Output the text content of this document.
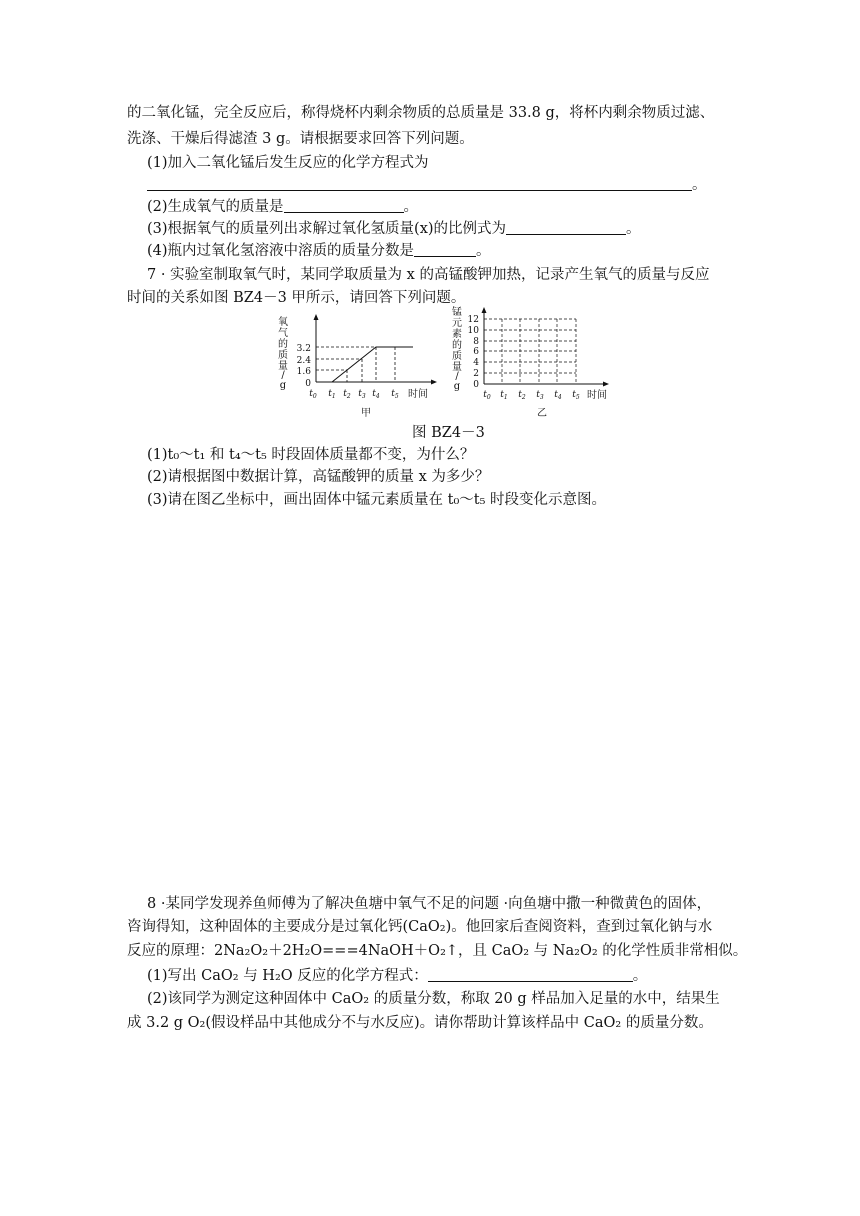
的二氧化锰，完全反应后，称得烧杯内剩余物质的总质量是 33.8 g，将杯内剩余物质过滤、
洗涤、干燥后得滤渣 3 g。请根据要求回答下列问题。
(1)加入二氧化锰后发生反应的化学方程式为
。
(2)生成氧气的质量是	。
(3)根据氧气的质量列出求解过氧化氢质量(x)的比例式为	。
(4)瓶内过氧化氢溶液中溶质的质量分数是	。
7 · 实验室制取氧气时，某同学取质量为 x 的高锰酸钾加热，记录产生氧气的质量与反应
时间的关系如图 BZ4－3 甲所示，请回答下列问题。
氧
气
的
质
量
/
g
3.2
2.4
1.6
0
$t_0$ $t_1$ $t_2$ $t_3$ $t_4$ $t_5$ 时间
甲
锰
元
素
的
质
量
/
g
12
10
8
6
4
2
0
$t_0$ $t_1$ $t_2$ $t_3$ $t_4$ $t_5$ 时间
乙
图 BZ4－3
(1)t₀～t₁ 和 t₄～t₅ 时段固体质量都不变，为什么？
(2)请根据图中数据计算，高锰酸钾的质量 x 为多少？
(3)请在图乙坐标中，画出固体中锰元素质量在 t₀～t₅ 时段变化示意图。
8 ·某同学发现养鱼师傅为了解决鱼塘中氧气不足的问题 ·向鱼塘中撒一种微黄色的固体，
咨询得知，这种固体的主要成分是过氧化钙(CaO₂)。他回家后查阅资料，查到过氧化钠与水
反应的原理：2Na₂O₂＋2H₂O===4NaOH＋O₂↑，且 CaO₂ 与 Na₂O₂ 的化学性质非常相似。
(1)写出 CaO₂ 与 H₂O 反应的化学方程式：	。
(2)该同学为测定这种固体中 CaO₂ 的质量分数，称取 20 g 样品加入足量的水中，结果生
成 3.2 g O₂(假设样品中其他成分不与水反应)。请你帮助计算该样品中 CaO₂ 的质量分数。
